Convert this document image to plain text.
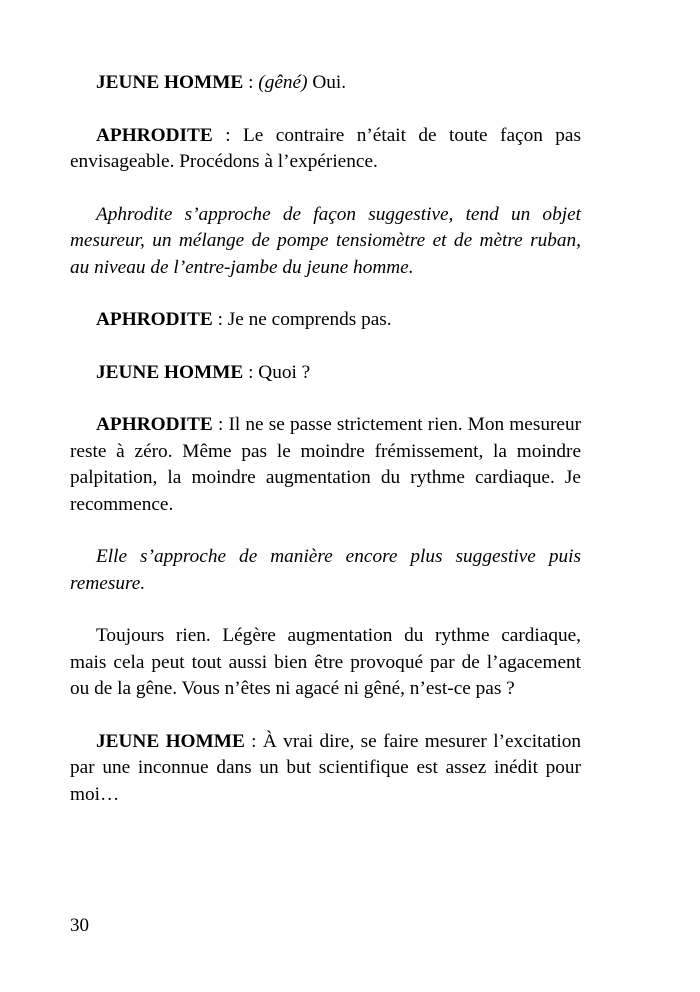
JEUNE HOMME : (gêné) Oui.

APHRODITE : Le contraire n’était de toute façon pas envisageable. Procédons à l’expérience.

Aphrodite s’approche de façon suggestive, tend un objet mesureur, un mélange de pompe tensiomètre et de mètre ruban, au niveau de l’entre-jambe du jeune homme.

APHRODITE : Je ne comprends pas.

JEUNE HOMME : Quoi ?

APHRODITE : Il ne se passe strictement rien. Mon mesureur reste à zéro. Même pas le moindre frémissement, la moindre palpitation, la moindre augmentation du rythme cardiaque. Je recommence.

Elle s’approche de manière encore plus suggestive puis remesure.

Toujours rien. Légère augmentation du rythme cardiaque, mais cela peut tout aussi bien être provoqué par de l’agacement ou de la gêne. Vous n’êtes ni agacé ni gêné, n’est-ce pas ?

JEUNE HOMME : À vrai dire, se faire mesurer l’excitation par une inconnue dans un but scientifique est assez inédit pour moi…

30
